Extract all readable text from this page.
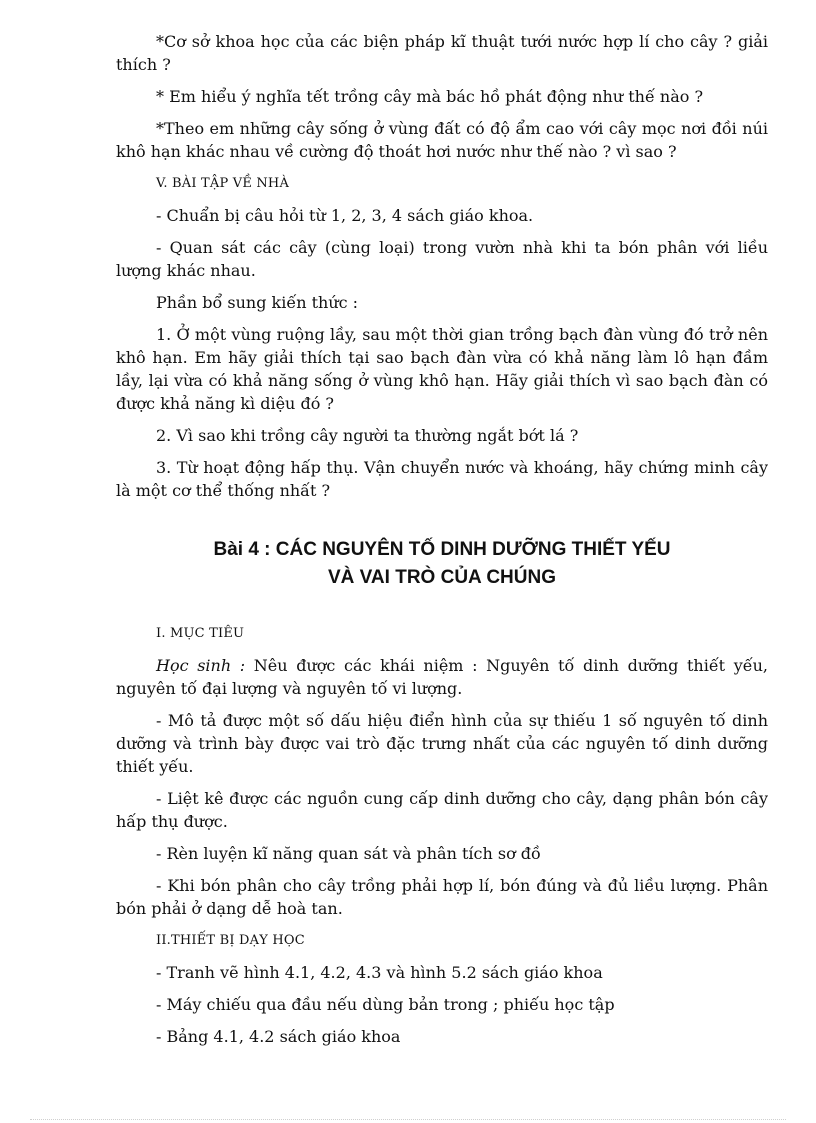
*Cơ sở khoa học của các biện pháp kĩ thuật tưới nước hợp lí cho cây ? giải thích ?

* Em hiểu ý nghĩa tết trồng cây mà bác hồ phát động như thế nào ?

*Theo em những cây sống ở vùng đất có độ ẩm cao với cây mọc nơi đồi núi khô hạn khác nhau về cường độ thoát hơi nước như thế nào ? vì sao ?

V. BÀI TẬP VỀ NHÀ

- Chuẩn bị câu hỏi từ 1, 2, 3, 4 sách giáo khoa.

- Quan sát các cây (cùng loại) trong vườn nhà khi ta bón phân với liều lượng khác nhau.

Phần bổ sung kiến thức :

1. Ở một vùng ruộng lầy, sau một thời gian trồng bạch đàn vùng đó trở nên khô hạn. Em hãy giải thích tại sao bạch đàn vừa có khả năng làm lô hạn đầm lầy, lại vừa có khả năng sống ở vùng khô hạn. Hãy giải thích vì sao bạch đàn có được khả năng kì diệu đó ?

2. Vì sao khi trồng cây người ta thường ngắt bớt lá ?

3. Từ hoạt động hấp thụ. Vận chuyển nước và khoáng, hãy chứng minh cây là một cơ thể thống nhất ?

Bài 4 : CÁC NGUYÊN TỐ DINH DƯỠNG THIẾT YẾU

VÀ VAI TRÒ CỦA CHÚNG

I. MỤC TIÊU

Học sinh : Nêu được các khái niệm : Nguyên tố dinh dưỡng thiết yếu, nguyên tố đại lượng và nguyên tố vi lượng.

- Mô tả được một số dấu hiệu điển hình của sự thiếu 1 số nguyên tố dinh dưỡng và trình bày được vai trò đặc trưng nhất của các nguyên tố dinh dưỡng thiết yếu.

- Liệt kê được các nguồn cung cấp dinh dưỡng cho cây, dạng phân bón cây hấp thụ được.

- Rèn luyện kĩ năng quan sát và phân tích sơ đồ

- Khi bón phân cho cây trồng phải hợp lí, bón đúng và đủ liều lượng. Phân bón phải ở dạng dễ hoà tan.

II.THIẾT BỊ DẠY HỌC

- Tranh vẽ hình 4.1, 4.2, 4.3 và hình 5.2 sách giáo khoa

- Máy chiếu qua đầu nếu dùng bản trong ; phiếu học tập

- Bảng 4.1, 4.2 sách giáo khoa
